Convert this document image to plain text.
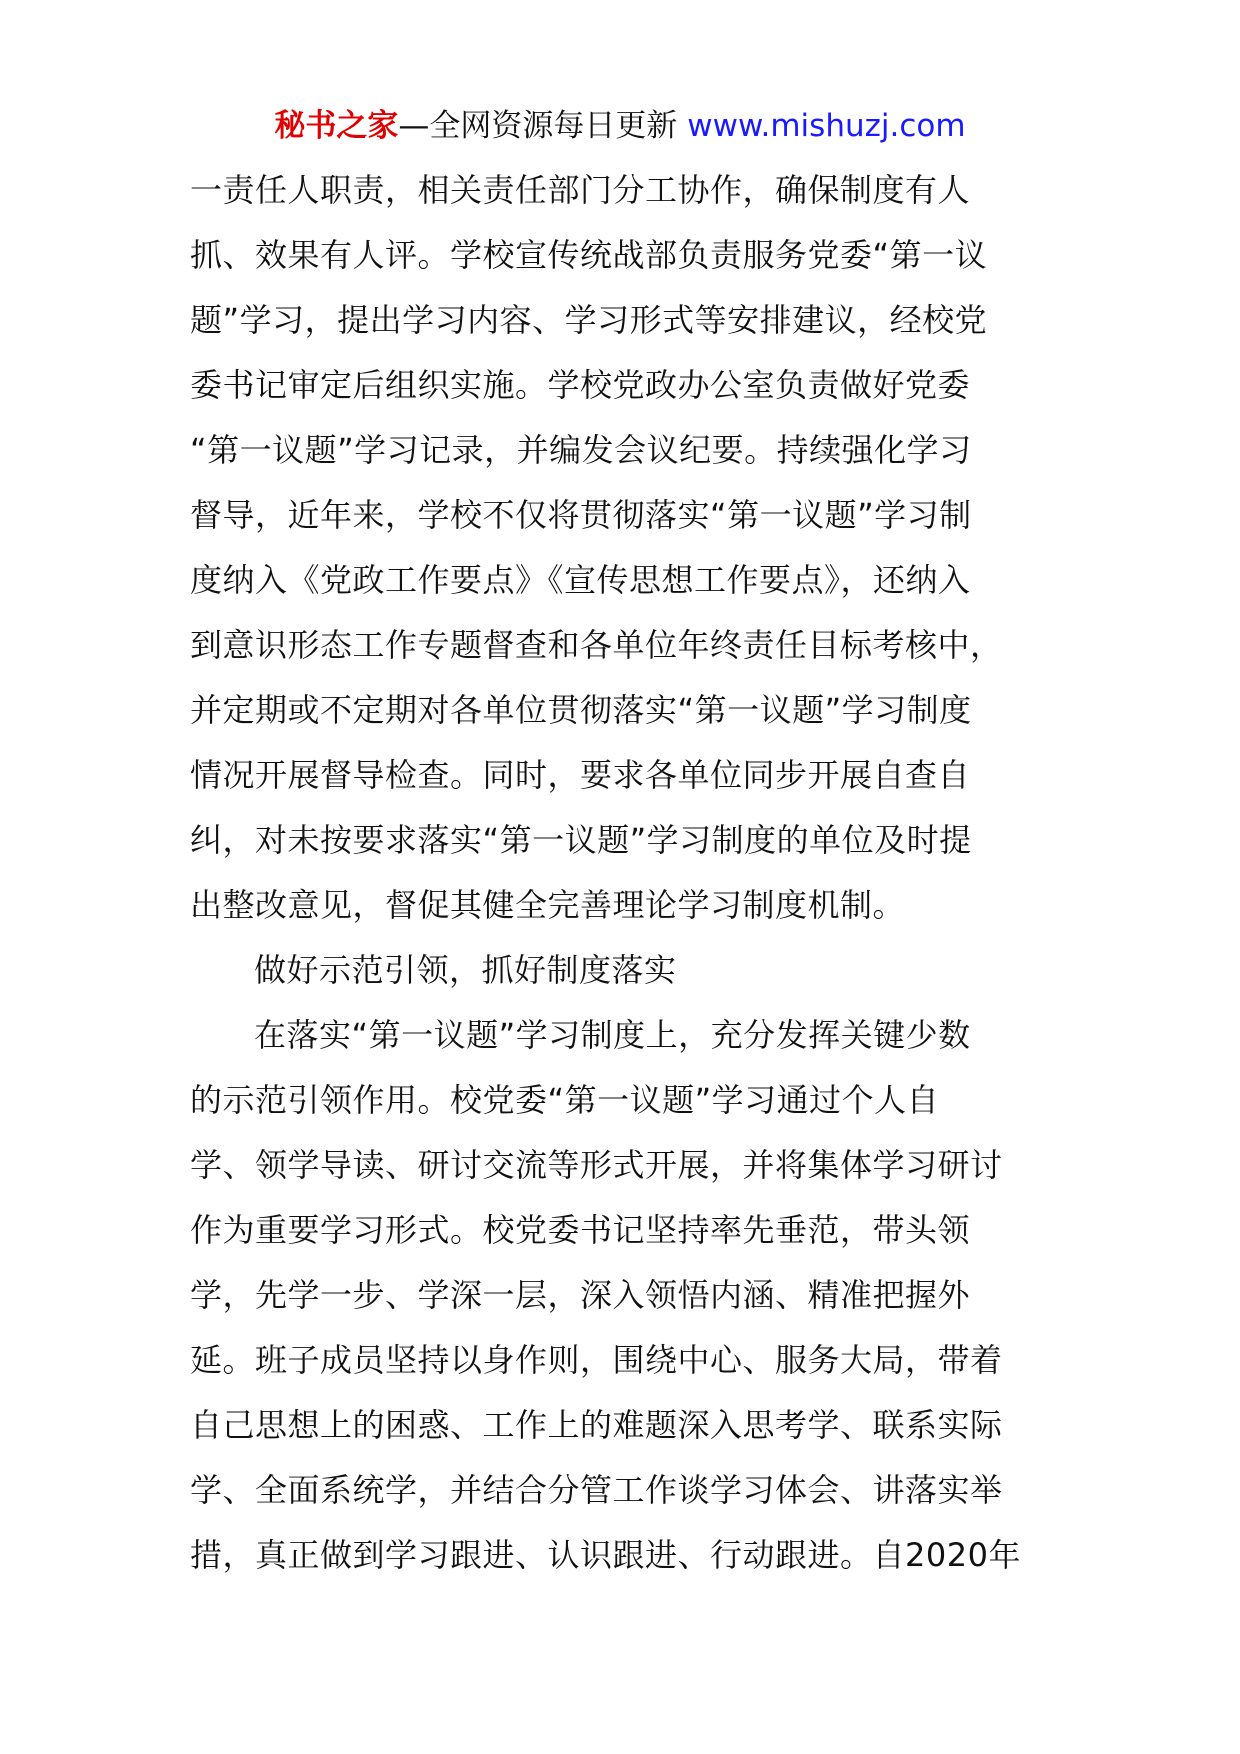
秘书之家—全网资源每日更新 www.mishuzj.com
一责任人职责，相关责任部门分工协作，确保制度有人
抓、效果有人评。学校宣传统战部负责服务党委“第一议
题”学习，提出学习内容、学习形式等安排建议，经校党
委书记审定后组织实施。学校党政办公室负责做好党委
“第一议题”学习记录，并编发会议纪要。持续强化学习
督导，近年来，学校不仅将贯彻落实“第一议题”学习制
度纳入《党政工作要点》《宣传思想工作要点》，还纳入
到意识形态工作专题督查和各单位年终责任目标考核中，
并定期或不定期对各单位贯彻落实“第一议题”学习制度
情况开展督导检查。同时，要求各单位同步开展自查自
纠，对未按要求落实“第一议题”学习制度的单位及时提
出整改意见，督促其健全完善理论学习制度机制。
做好示范引领，抓好制度落实
在落实“第一议题”学习制度上，充分发挥关键少数
的示范引领作用。校党委“第一议题”学习通过个人自
学、领学导读、研讨交流等形式开展，并将集体学习研讨
作为重要学习形式。校党委书记坚持率先垂范，带头领
学，先学一步、学深一层，深入领悟内涵、精准把握外
延。班子成员坚持以身作则，围绕中心、服务大局，带着
自己思想上的困惑、工作上的难题深入思考学、联系实际
学、全面系统学，并结合分管工作谈学习体会、讲落实举
措，真正做到学习跟进、认识跟进、行动跟进。自2020年
